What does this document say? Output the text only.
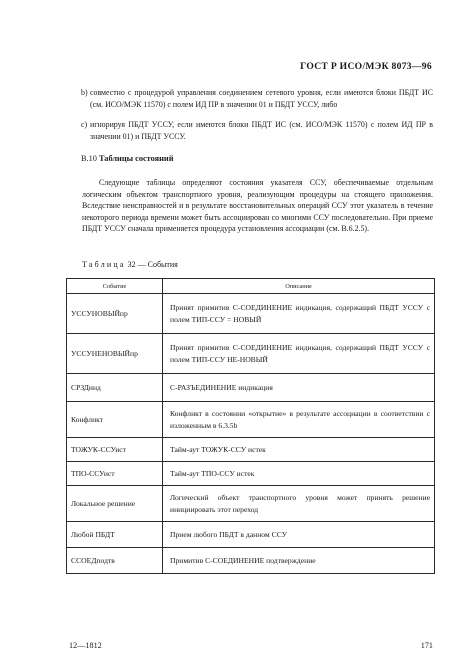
ГОСТ Р ИСО/МЭК 8073—96
b) совместно с процедурой управления соединением сетевого уровня, если имеются блоки ПБДТ ИС (см. ИСО/МЭК 11570) с полем ИД ПР в значении 01 и ПБДТ УССУ, либо
c) игнорируя ПБДТ УССУ, если имеются блоки ПБДТ ИС (см. ИСО/МЭК 11570) с полем ИД ПР в значении 01) и ПБДТ УССУ.
В.10 Таблицы состояний
Следующие таблицы определяют состояния указателя ССУ, обеспечиваемые отдельным логическим объектом транспортного уровня, реализующим процедуры на стоящего приложения. Вследствие неисправностей и в результате восстановительных операций ССУ этот указатель в течение некоторого периода времени может быть ассоциирован со многими ССУ последовательно. При приеме ПБДТ УССУ сначала применяется процедура установления ассоциации (см. В.6.2.5).
Таблица 32 — События
Событие	Описание
УССУНОВЫЙпр	Принят примитив С-СОЕДИНЕНИЕ индикация, содержащий ПБДТ УССУ с полем ТИП-ССУ = НОВЫЙ
УССУНЕНОВЫЙпр	Принят примитив С-СОЕДИНЕНИЕ индикация, содержащий ПБДТ УССУ с полем ТИП-ССУ НЕ-НОВЫЙ
СРЗДинд	С-РАЗЪЕДИНЕНИЕ индикация
Конфликт	Конфликт в состоянии «открытие» в результате ассоциации в соответствии с изложенным в 6.3.5b
ТОЖУК-ССУист	Тайм-аут ТОЖУК-ССУ истек
ТПО-ССУист	Тайм-аут ТПО-ССУ истек
Локальное решение	Логический объект транспортного уровня может принять решение инициировать этот переход
Любой ПБДТ	Прием любого ПБДТ в данном ССУ
ССОЕДподтв	Примитив С-СОЕДИНЕНИЕ подтверждение
12—1812	171
